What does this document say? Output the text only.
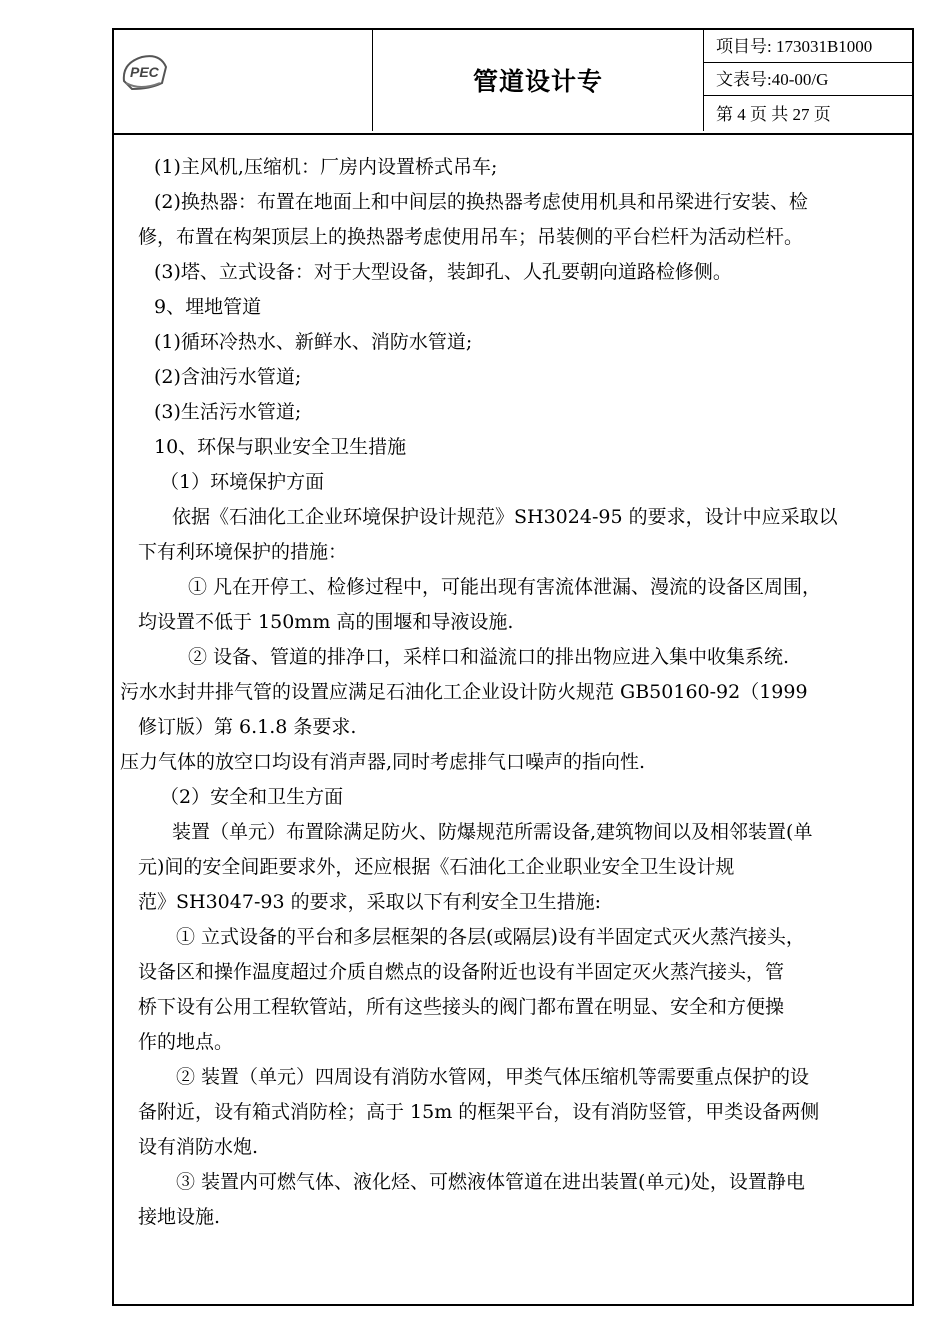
PEC	管道设计专
项目号: 173031B1000
文表号:40-00/G
第 4 页 共 27 页
(1)主风机,压缩机：厂房内设置桥式吊车;
(2)换热器：布置在地面上和中间层的换热器考虑使用机具和吊梁进行安装、检
修，布置在构架顶层上的换热器考虑使用吊车；吊装侧的平台栏杆为活动栏杆。
(3)塔、立式设备：对于大型设备，装卸孔、人孔要朝向道路检修侧。
9、埋地管道
(1)循环冷热水、新鲜水、消防水管道;
(2)含油污水管道;
(3)生活污水管道;
10、环保与职业安全卫生措施
（1）环境保护方面
依据《石油化工企业环境保护设计规范》SH3024-95 的要求，设计中应采取以
下有利环境保护的措施：
① 凡在开停工、检修过程中，可能出现有害流体泄漏、漫流的设备区周围，
均设置不低于 150mm 高的围堰和导液设施.
② 设备、管道的排净口，采样口和溢流口的排出物应进入集中收集系统.
污水水封井排气管的设置应满足石油化工企业设计防火规范 GB50160-92（1999
修订版）第 6.1.8 条要求.
压力气体的放空口均设有消声器,同时考虑排气口噪声的指向性.
（2）安全和卫生方面
装置（单元）布置除满足防火、防爆规范所需设备,建筑物间以及相邻装置(单
元)间的安全间距要求外，还应根据《石油化工企业职业安全卫生设计规
范》SH3047-93 的要求，采取以下有利安全卫生措施:
① 立式设备的平台和多层框架的各层(或隔层)设有半固定式灭火蒸汽接头，
设备区和操作温度超过介质自燃点的设备附近也设有半固定灭火蒸汽接头，管
桥下设有公用工程软管站，所有这些接头的阀门都布置在明显、安全和方便操
作的地点。
② 装置（单元）四周设有消防水管网，甲类气体压缩机等需要重点保护的设
备附近，设有箱式消防栓；高于 15m 的框架平台，设有消防竖管，甲类设备两侧
设有消防水炮.
③ 装置内可燃气体、液化烃、可燃液体管道在进出装置(单元)处，设置静电
接地设施.
